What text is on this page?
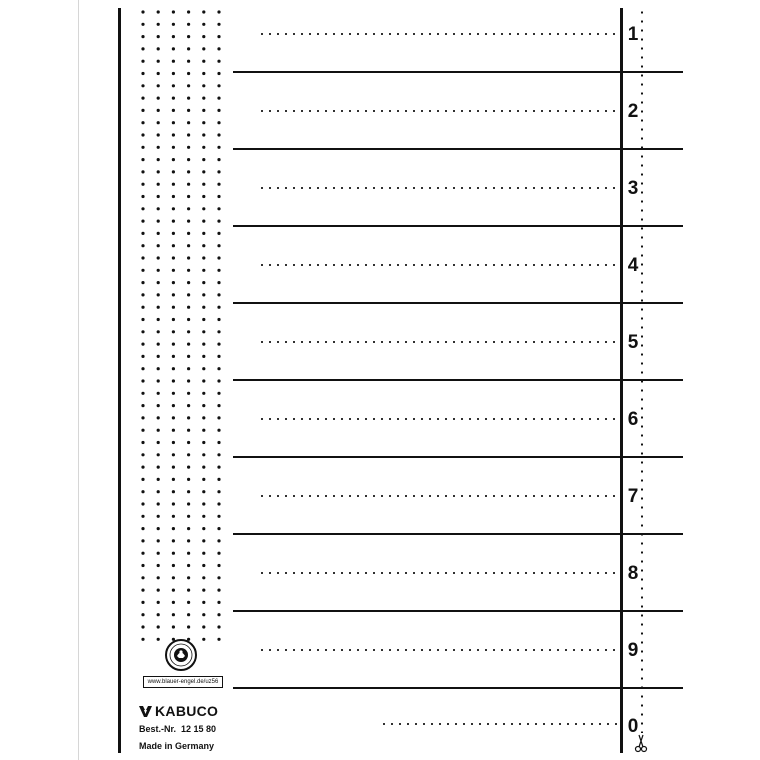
1
2
3
4
5
6
7
8
9
0
www.blauer-engel.de/uz56
KABUCO
Best.-Nr.  12 15 80
Made in Germany
